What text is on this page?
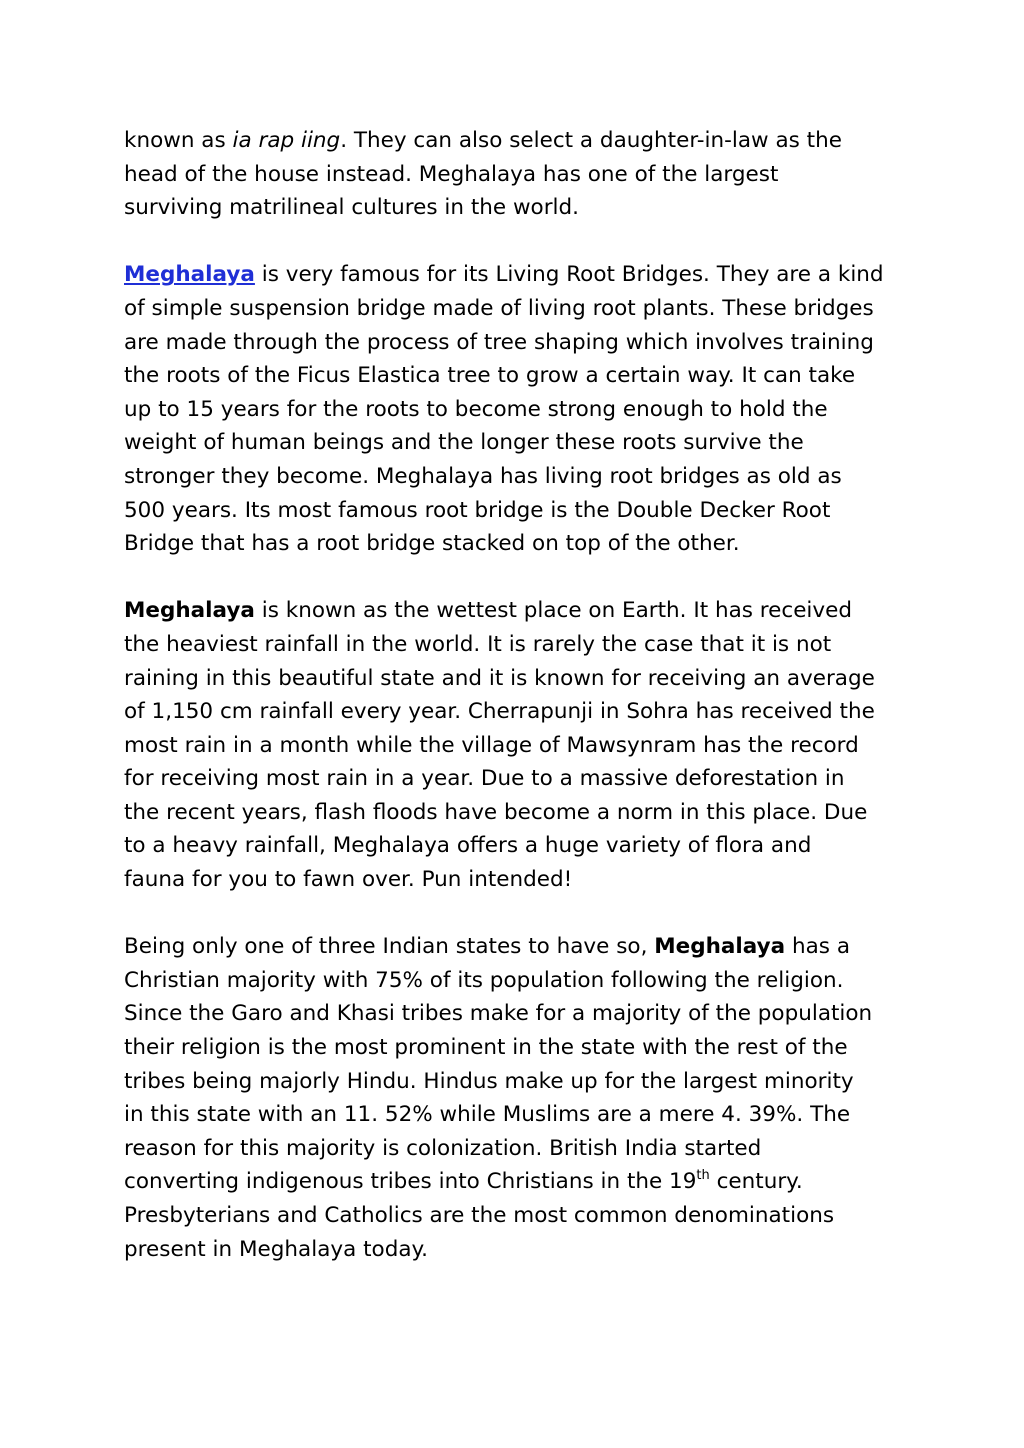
known as ia rap iing. They can also select a daughter-in-law as the
head of the house instead. Meghalaya has one of the largest
surviving matrilineal cultures in the world.

Meghalaya is very famous for its Living Root Bridges. They are a kind
of simple suspension bridge made of living root plants. These bridges
are made through the process of tree shaping which involves training
the roots of the Ficus Elastica tree to grow a certain way. It can take
up to 15 years for the roots to become strong enough to hold the
weight of human beings and the longer these roots survive the
stronger they become. Meghalaya has living root bridges as old as
500 years. Its most famous root bridge is the Double Decker Root
Bridge that has a root bridge stacked on top of the other.

Meghalaya is known as the wettest place on Earth. It has received
the heaviest rainfall in the world. It is rarely the case that it is not
raining in this beautiful state and it is known for receiving an average
of 1,150 cm rainfall every year. Cherrapunji in Sohra has received the
most rain in a month while the village of Mawsynram has the record
for receiving most rain in a year. Due to a massive deforestation in
the recent years, flash floods have become a norm in this place. Due
to a heavy rainfall, Meghalaya offers a huge variety of flora and
fauna for you to fawn over. Pun intended!

Being only one of three Indian states to have so, Meghalaya has a
Christian majority with 75% of its population following the religion.
Since the Garo and Khasi tribes make for a majority of the population
their religion is the most prominent in the state with the rest of the
tribes being majorly Hindu. Hindus make up for the largest minority
in this state with an 11. 52% while Muslims are a mere 4. 39%. The
reason for this majority is colonization. British India started
converting indigenous tribes into Christians in the 19th century.
Presbyterians and Catholics are the most common denominations
present in Meghalaya today.
